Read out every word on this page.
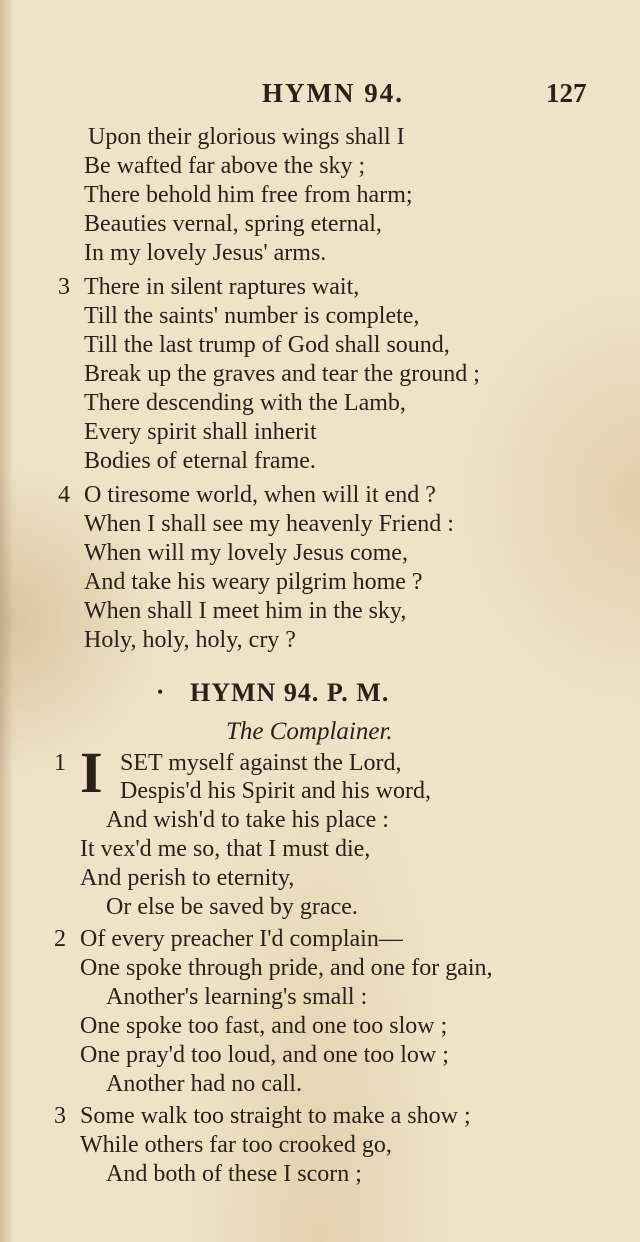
HYMN 94.	127
Upon their glorious wings shall I
Be wafted far above the sky ;
There behold him free from harm;
Beauties vernal, spring eternal,
In my lovely Jesus' arms.
3 There in silent raptures wait,
Till the saints' number is complete,
Till the last trump of God shall sound,
Break up the graves and tear the ground ;
There descending with the Lamb,
Every spirit shall inherit
Bodies of eternal frame.
4 O tiresome world, when will it end ?
When I shall see my heavenly Friend :
When will my lovely Jesus come,
And take his weary pilgrim home ?
When shall I meet him in the sky,
Holy, holy, holy, cry ?
• HYMN 94. P. M.
The Complainer.
1 I SET myself against the Lord,
Despis'd his Spirit and his word,
And wish'd to take his place :
It vex'd me so, that I must die,
And perish to eternity,
Or else be saved by grace.
2 Of every preacher I'd complain—
One spoke through pride, and one for gain,
Another's learning's small :
One spoke too fast, and one too slow ;
One pray'd too loud, and one too low ;
Another had no call.
3 Some walk too straight to make a show ;
While others far too crooked go,
And both of these I scorn ;
